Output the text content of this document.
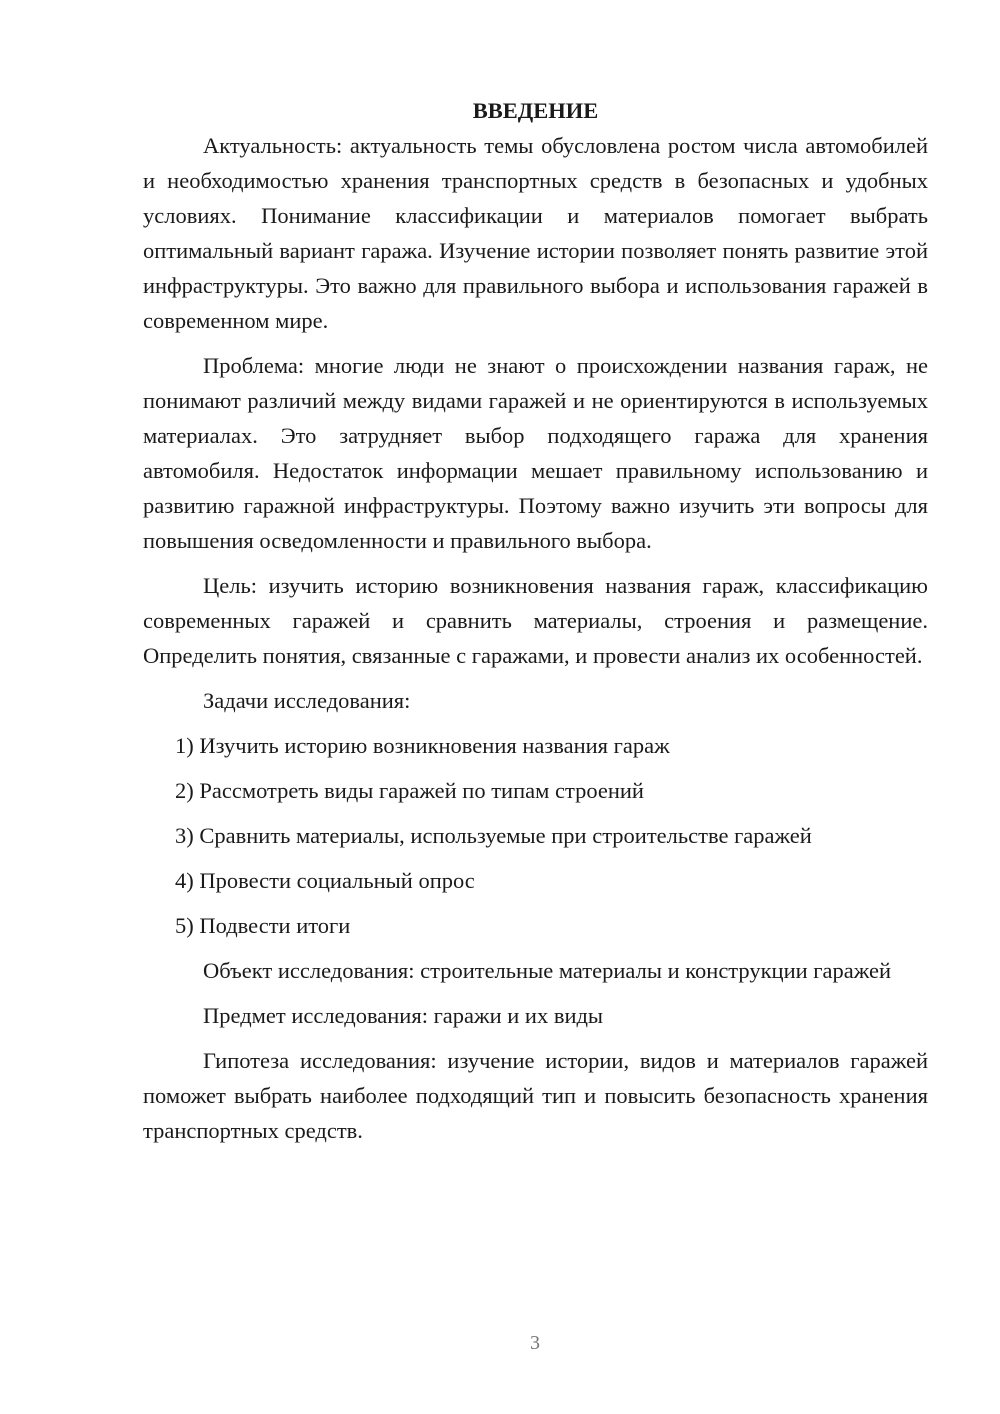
ВВЕДЕНИЕ

Актуальность: актуальность темы обусловлена ростом числа автомобилей и необходимостью хранения транспортных средств в безопасных и удобных условиях. Понимание классификации и материалов помогает выбрать оптимальный вариант гаража. Изучение истории позволяет понять развитие этой инфраструктуры. Это важно для правильного выбора и использования гаражей в современном мире.

Проблема: многие люди не знают о происхождении названия гараж, не понимают различий между видами гаражей и не ориентируются в используемых материалах. Это затрудняет выбор подходящего гаража для хранения автомобиля. Недостаток информации мешает правильному использованию и развитию гаражной инфраструктуры. Поэтому важно изучить эти вопросы для повышения осведомленности и правильного выбора.

Цель: изучить историю возникновения названия гараж, классификацию современных гаражей и сравнить материалы, строения и размещение. Определить понятия, связанные с гаражами, и провести анализ их особенностей.

Задачи исследования:

1) Изучить историю возникновения названия гараж

2) Рассмотреть виды гаражей по типам строений

3) Сравнить материалы, используемые при строительстве гаражей

4) Провести социальный опрос

5) Подвести итоги

Объект исследования: строительные материалы и конструкции гаражей

Предмет исследования: гаражи и их виды

Гипотеза исследования: изучение истории, видов и материалов гаражей поможет выбрать наиболее подходящий тип и повысить безопасность хранения транспортных средств.

3
